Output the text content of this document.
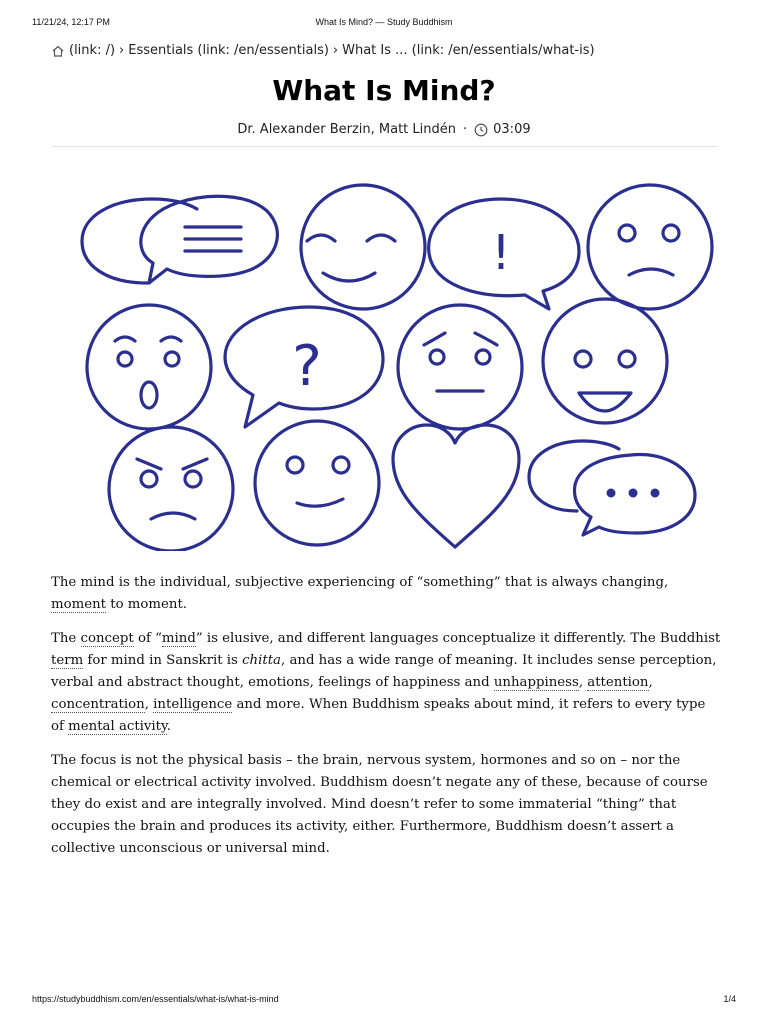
11/21/24, 12:17 PM	What Is Mind? — Study Buddhism
(link: /) › Essentials (link: /en/essentials) › What Is ... (link: /en/essentials/what-is)
What Is Mind?
Dr. Alexander Berzin, Matt Lindén · 03:09
!
?

The mind is the individual, subjective experiencing of “something” that is always changing, moment to moment.

The concept of “mind” is elusive, and different languages conceptualize it differently. The Buddhist term for mind in Sanskrit is chitta, and has a wide range of meaning. It includes sense perception, verbal and abstract thought, emotions, feelings of happiness and unhappiness, attention, concentration, intelligence and more. When Buddhism speaks about mind, it refers to every type of mental activity.

The focus is not the physical basis – the brain, nervous system, hormones and so on – nor the chemical or electrical activity involved. Buddhism doesn’t negate any of these, because of course they do exist and are integrally involved. Mind doesn’t refer to some immaterial “thing” that occupies the brain and produces its activity, either. Furthermore, Buddhism doesn’t assert a collective unconscious or universal mind.

https://studybuddhism.com/en/essentials/what-is/what-is-mind	1/4
